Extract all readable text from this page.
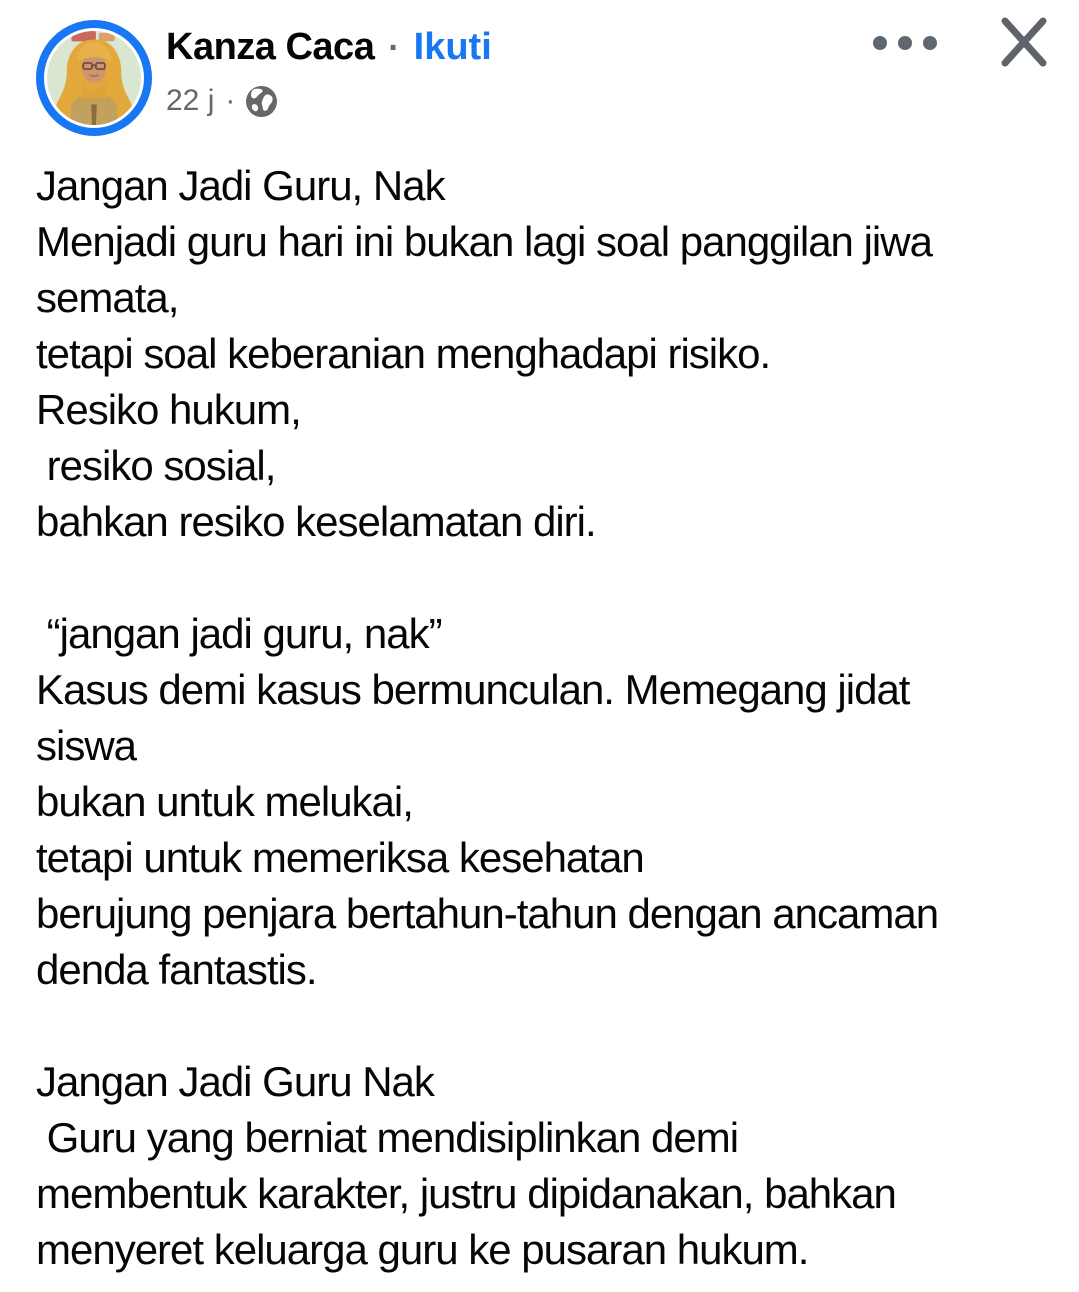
Kanza Caca · Ikuti
22 j ·
Jangan Jadi Guru, Nak
Menjadi guru hari ini bukan lagi soal panggilan jiwa
semata,
tetapi soal keberanian menghadapi risiko.
Resiko hukum,
resiko sosial,
bahkan resiko keselamatan diri.
“jangan jadi guru, nak”
Kasus demi kasus bermunculan. Memegang jidat
siswa
bukan untuk melukai,
tetapi untuk memeriksa kesehatan
berujung penjara bertahun-tahun dengan ancaman
denda fantastis.
Jangan Jadi Guru Nak
Guru yang berniat mendisiplinkan demi
membentuk karakter, justru dipidanakan, bahkan
menyeret keluarga guru ke pusaran hukum.
